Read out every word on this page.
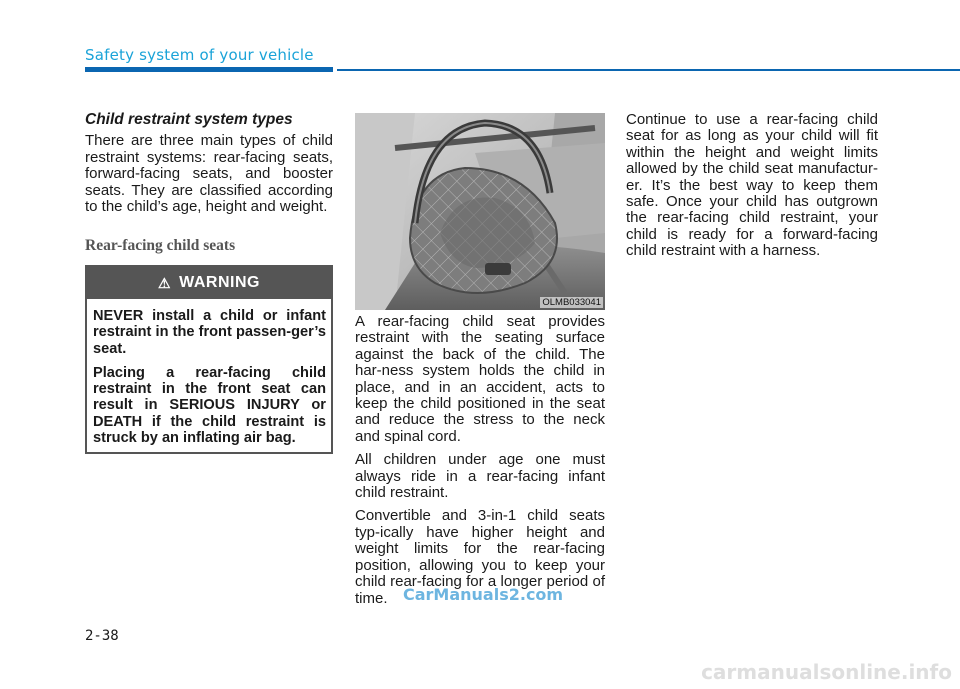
Safety system of your vehicle
Child restraint system types

There are three main types of child restraint systems: rear-facing seats, forward-facing seats, and booster seats. They are classified according to the child’s age, height and weight.

Rear-facing child seats
⚠ WARNING

NEVER install a child or infant restraint in the front passen-ger’s seat.

Placing a rear-facing child restraint in the front seat can result in SERIOUS INJURY or DEATH if the child restraint is struck by an inflating air bag.

OLMB033041

A rear-facing child seat provides restraint with the seating surface against the back of the child. The har-ness system holds the child in place, and in an accident, acts to keep the child positioned in the seat and reduce the stress to the neck and spinal cord.

All children under age one must always ride in a rear-facing infant child restraint.

Convertible and 3-in-1 child seats typ-ically have higher height and weight limits for the rear-facing position, allowing you to keep your child rear-facing for a longer period of time.

Continue to use a rear-facing child seat for as long as your child will fit within the height and weight limits allowed by the child seat manufactur-er. It’s the best way to keep them safe. Once your child has outgrown the rear-facing child restraint, your child is ready for a forward-facing child restraint with a harness.

CarManuals2.com
2-38
carmanualsonline.info
